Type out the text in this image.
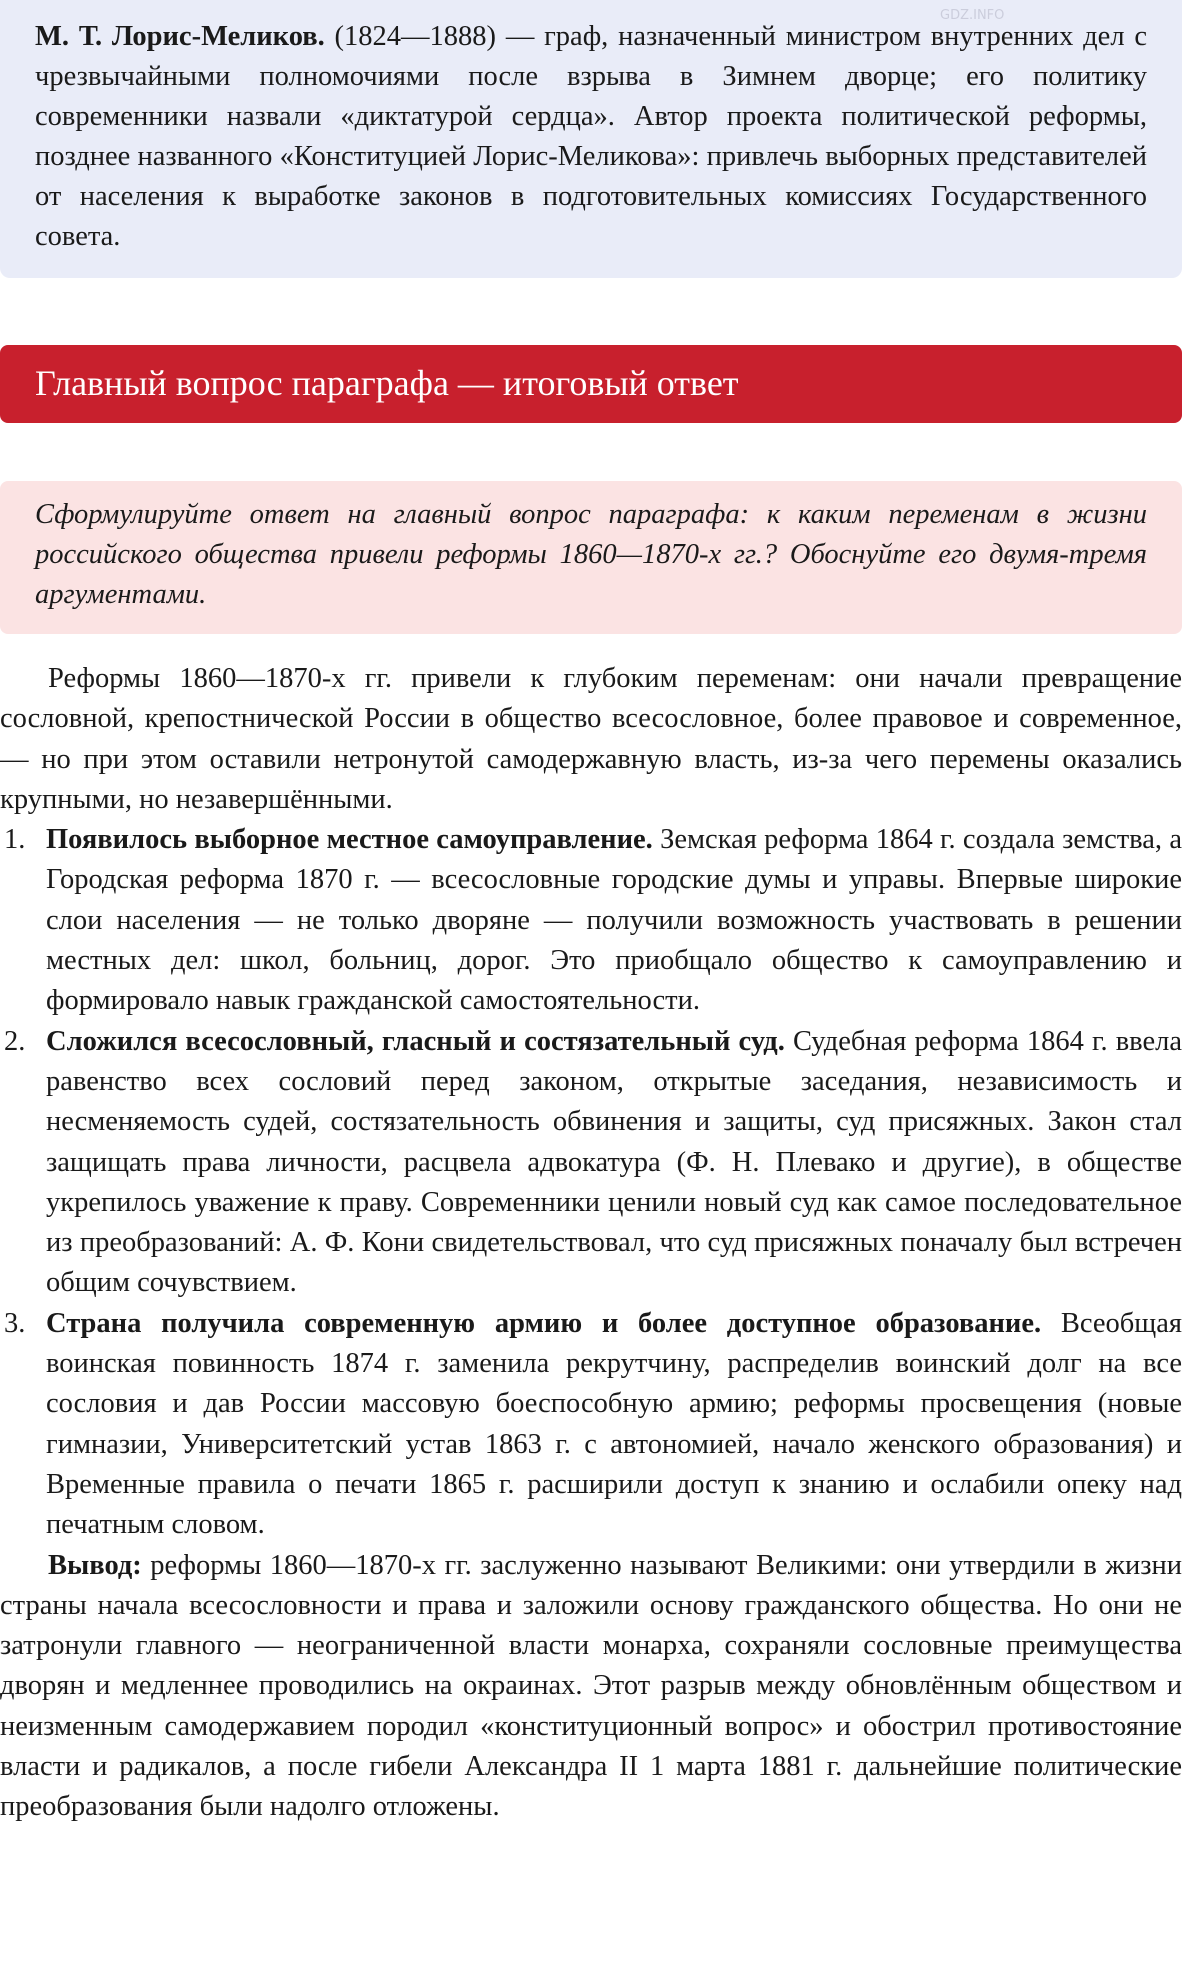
М. Т. Лорис-Меликов. (1824—1888) — граф, назначенный министром внутренних дел с чрезвычайными полномочиями после взрыва в Зимнем дворце; его политику современники назвали «диктатурой сердца». Автор проекта политической реформы, позднее названного «Конституцией Лорис-Меликова»: привлечь выборных представителей от населения к выработке законов в подготовительных комиссиях Государственного совета.
Главный вопрос параграфа — итоговый ответ
Сформулируйте ответ на главный вопрос параграфа: к каким переменам в жизни российского общества привели реформы 1860—1870-х гг.? Обоснуйте его двумя-тремя аргументами.

Реформы 1860—1870-х гг. привели к глубоким переменам: они начали превращение сословной, крепостнической России в общество всесословное, более правовое и современное, — но при этом оставили нетронутой самодержавную власть, из-за чего перемены оказались крупными, но незавершёнными.

1. Появилось выборное местное самоуправление. Земская реформа 1864 г. создала земства, а Городская реформа 1870 г. — всесословные городские думы и управы. Впервые широкие слои населения — не только дворяне — получили возможность участвовать в решении местных дел: школ, больниц, дорог. Это приобщало общество к самоуправлению и формировало навык гражданской самостоятельности.
2. Сложился всесословный, гласный и состязательный суд. Судебная реформа 1864 г. ввела равенство всех сословий перед законом, открытые заседания, независимость и несменяемость судей, состязательность обвинения и защиты, суд присяжных. Закон стал защищать права личности, расцвела адвокатура (Ф. Н. Плевако и другие), в обществе укрепилось уважение к праву. Современники ценили новый суд как самое последовательное из преобразований: А. Ф. Кони свидетельствовал, что суд присяжных поначалу был встречен общим сочувствием.
3. Страна получила современную армию и более доступное образование. Всеобщая воинская повинность 1874 г. заменила рекрутчину, распределив воинский долг на все сословия и дав России массовую боеспособную армию; реформы просвещения (новые гимназии, Университетский устав 1863 г. с автономией, начало женского образования) и Временные правила о печати 1865 г. расширили доступ к знанию и ослабили опеку над печатным словом.

Вывод: реформы 1860—1870-х гг. заслуженно называют Великими: они утвердили в жизни страны начала всесословности и права и заложили основу гражданского общества. Но они не затронули главного — неограниченной власти монарха, сохраняли сословные преимущества дворян и медленнее проводились на окраинах. Этот разрыв между обновлённым обществом и неизменным самодержавием породил «конституционный вопрос» и обострил противостояние власти и радикалов, а после гибели Александра II 1 марта 1881 г. дальнейшие политические преобразования были надолго отложены.

GDZ.INFO
